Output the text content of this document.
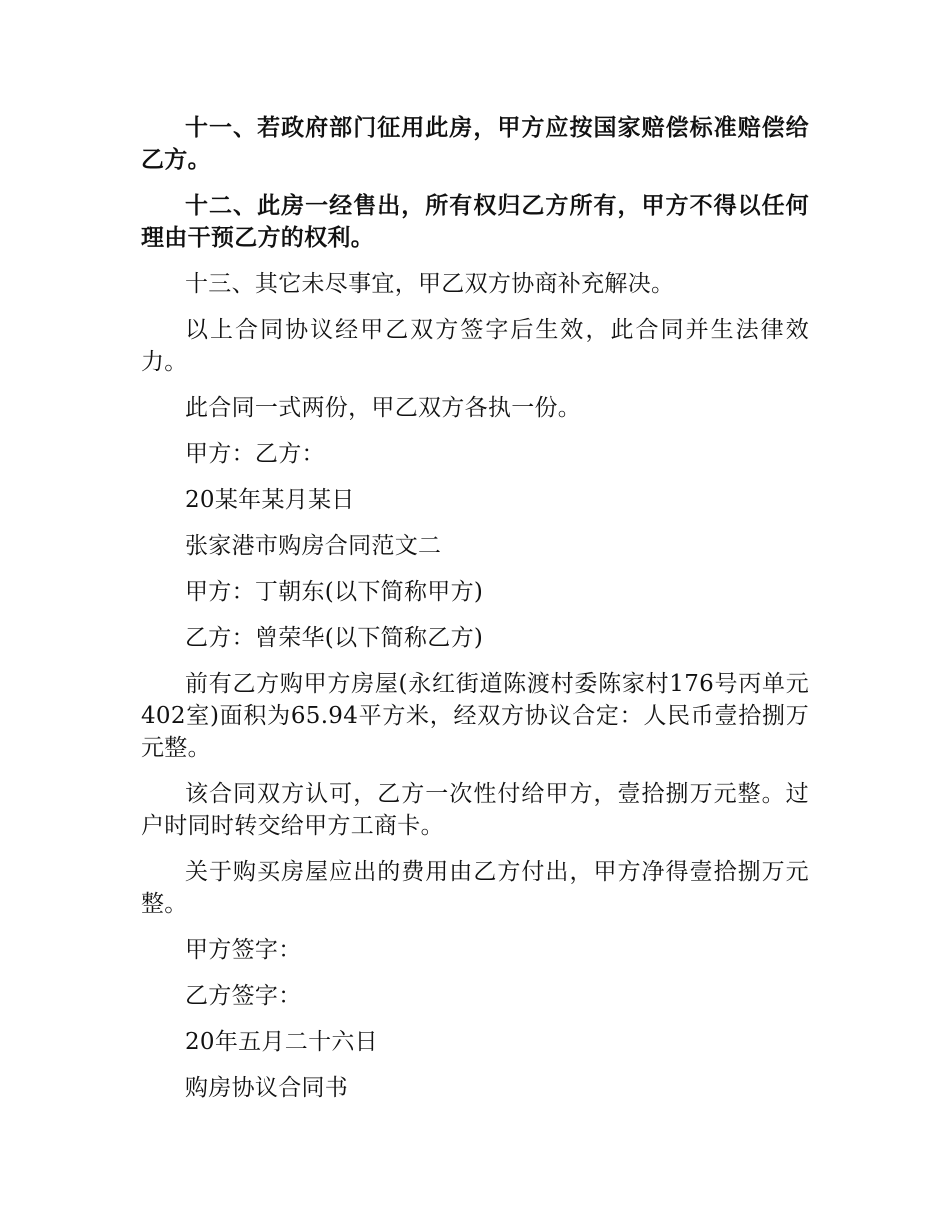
十一、若政府部门征用此房，甲方应按国家赔偿标准赔偿给乙方。

十二、此房一经售出，所有权归乙方所有，甲方不得以任何理由干预乙方的权利。

十三、其它未尽事宜，甲乙双方协商补充解决。

以上合同协议经甲乙双方签字后生效，此合同并生法律效力。

此合同一式两份，甲乙双方各执一份。

甲方：乙方：

20某年某月某日

张家港市购房合同范文二

甲方：丁朝东(以下简称甲方)

乙方：曾荣华(以下简称乙方)

前有乙方购甲方房屋(永红街道陈渡村委陈家村176号丙单元402室)面积为65.94平方米，经双方协议合定：人民币壹拾捌万元整。

该合同双方认可，乙方一次性付给甲方，壹拾捌万元整。过户时同时转交给甲方工商卡。

关于购买房屋应出的费用由乙方付出，甲方净得壹拾捌万元整。

甲方签字：

乙方签字：

20年五月二十六日

购房协议合同书
